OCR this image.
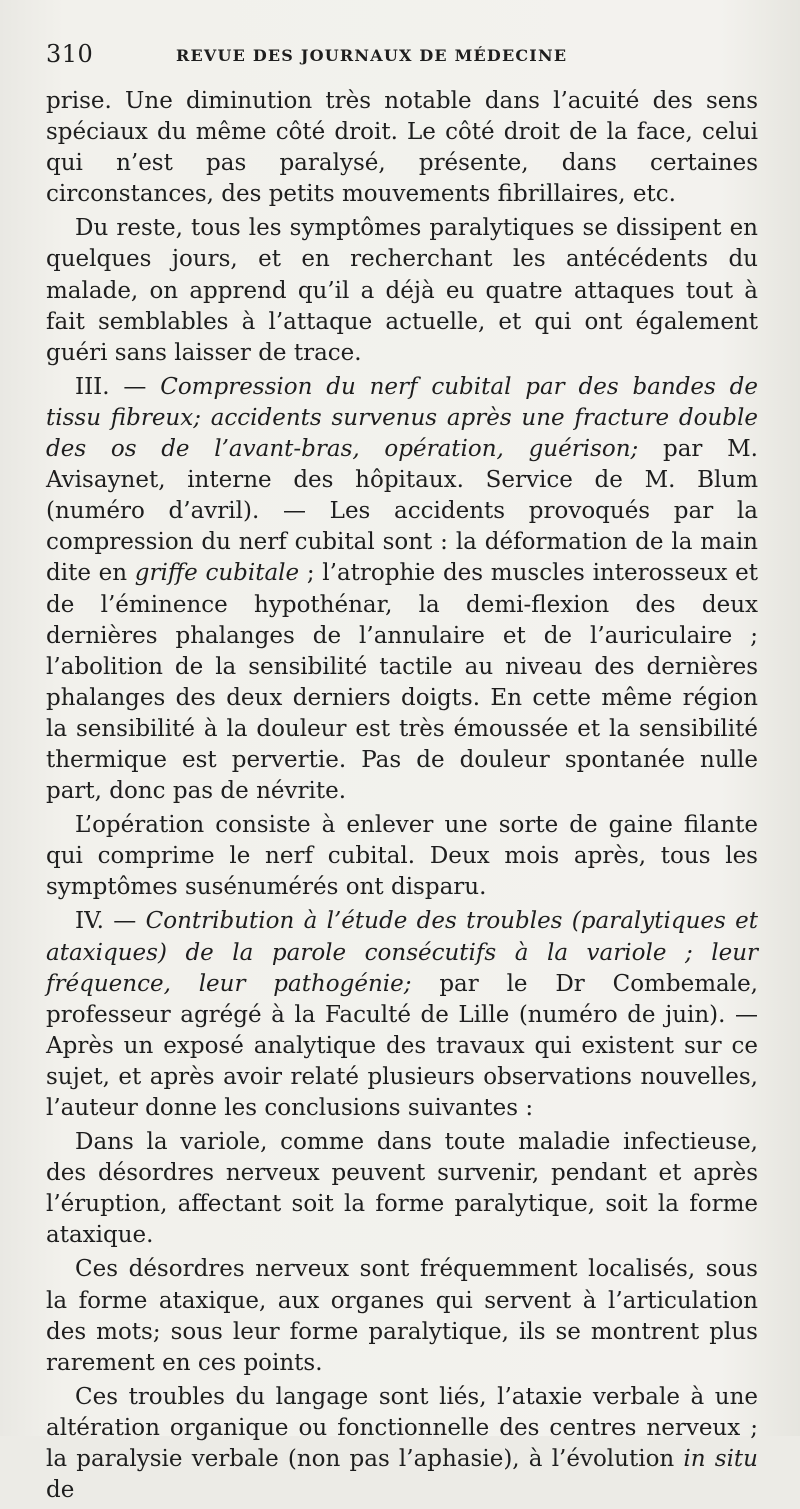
310	REVUE DES JOURNAUX DE MÉDECINE

prise. Une diminution très notable dans l’acuité des sens spéciaux du même côté droit. Le côté droit de la face, celui qui n’est pas paralysé, présente, dans certaines circonstances, des petits mouvements fibrillaires, etc.

Du reste, tous les symptômes paralytiques se dissipent en quelques jours, et en recherchant les antécédents du malade, on apprend qu’il a déjà eu quatre attaques tout à fait semblables à l’attaque actuelle, et qui ont également guéri sans laisser de trace.

III. — Compression du nerf cubital par des bandes de tissu fibreux; accidents survenus après une fracture double des os de l’avant-bras, opération, guérison; par M. Avisaynet, interne des hôpitaux. Service de M. Blum (numéro d’avril). — Les accidents provoqués par la compression du nerf cubital sont : la déformation de la main dite en griffe cubitale ; l’atrophie des muscles interosseux et de l’éminence hypothénar, la demi-flexion des deux dernières phalanges de l’annulaire et de l’auriculaire ; l’abolition de la sensibilité tactile au niveau des dernières phalanges des deux derniers doigts. En cette même région la sensibilité à la douleur est très émoussée et la sensibilité thermique est pervertie. Pas de douleur spontanée nulle part, donc pas de névrite.

L’opération consiste à enlever une sorte de gaine filante qui comprime le nerf cubital. Deux mois après, tous les symptômes susénumérés ont disparu.

IV. — Contribution à l’étude des troubles (paralytiques et ataxiques) de la parole consécutifs à la variole ; leur fréquence, leur pathogénie; par le Dr Combemale, professeur agrégé à la Faculté de Lille (numéro de juin). — Après un exposé analytique des travaux qui existent sur ce sujet, et après avoir relaté plusieurs observations nouvelles, l’auteur donne les conclusions suivantes :

Dans la variole, comme dans toute maladie infectieuse, des désordres nerveux peuvent survenir, pendant et après l’éruption, affectant soit la forme paralytique, soit la forme ataxique.

Ces désordres nerveux sont fréquemment localisés, sous la forme ataxique, aux organes qui servent à l’articulation des mots; sous leur forme paralytique, ils se montrent plus rarement en ces points.

Ces troubles du langage sont liés, l’ataxie verbale à une altération organique ou fonctionnelle des centres nerveux ; la paralysie verbale (non pas l’aphasie), à l’évolution in situ de
